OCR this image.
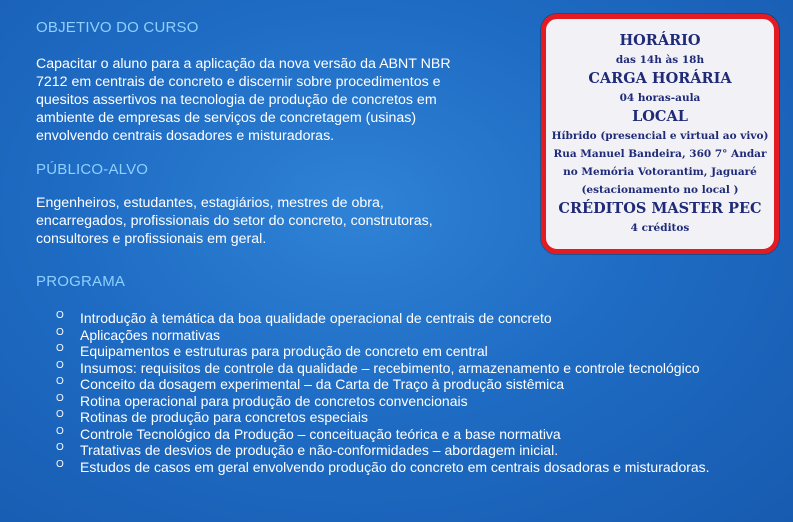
OBJETIVO DO CURSO
Capacitar o aluno para a aplicação da nova versão da ABNT NBR
7212 em centrais de concreto e discernir sobre procedimentos e
quesitos assertivos na tecnologia de produção de concretos em
ambiente de empresas de serviços de concretagem (usinas)
envolvendo centrais dosadores e misturadoras.
PÚBLICO-ALVO
Engenheiros, estudantes, estagiários, mestres de obra,
encarregados, profissionais do setor do concreto, construtoras,
consultores e profissionais em geral.
HORÁRIO
das 14h às 18h
CARGA HORÁRIA
04 horas-aula
LOCAL
Híbrido (presencial e virtual ao vivo)
Rua Manuel Bandeira, 360 7° Andar
no Memória Votorantim, Jaguaré
(estacionamento no local )
CRÉDITOS MASTER PEC
4 créditos
PROGRAMA
O Introdução à temática da boa qualidade operacional de centrais de concreto
O Aplicações normativas
O Equipamentos e estruturas para produção de concreto em central
O Insumos: requisitos de controle da qualidade – recebimento, armazenamento e controle tecnológico
O Conceito da dosagem experimental – da Carta de Traço à produção sistêmica
O Rotina operacional para produção de concretos convencionais
O Rotinas de produção para concretos especiais
O Controle Tecnológico da Produção – conceituação teórica e a base normativa
O Tratativas de desvios de produção e não-conformidades – abordagem inicial.
O Estudos de casos em geral envolvendo produção do concreto em centrais dosadoras e misturadoras.
